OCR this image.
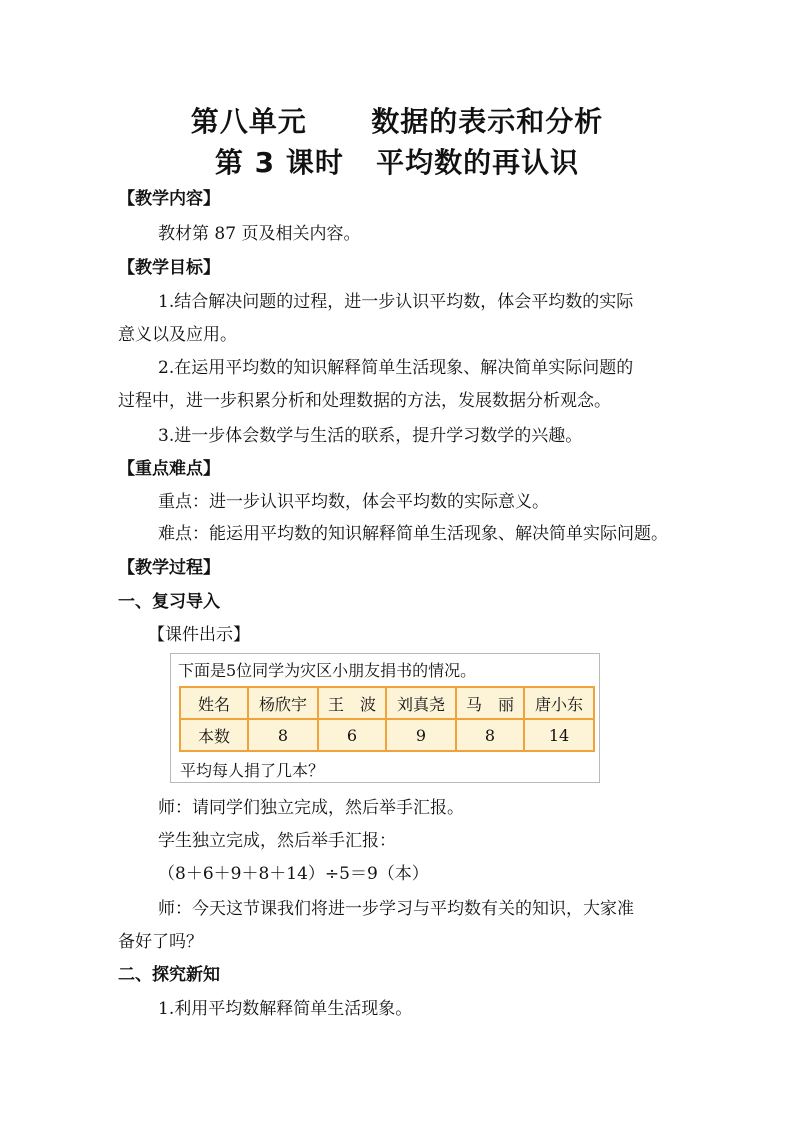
第八单元      数据的表示和分析
第 3 课时   平均数的再认识
【教学内容】
教材第 87 页及相关内容。
【教学目标】
1.结合解决问题的过程，进一步认识平均数，体会平均数的实际
意义以及应用。
2.在运用平均数的知识解释简单生活现象、解决简单实际问题的
过程中，进一步积累分析和处理数据的方法，发展数据分析观念。
3.进一步体会数学与生活的联系，提升学习数学的兴趣。
【重点难点】
重点：进一步认识平均数，体会平均数的实际意义。
难点：能运用平均数的知识解释简单生活现象、解决简单实际问题。
【教学过程】
一、复习导入
【课件出示】
下面是5位同学为灾区小朋友捐书的情况。
姓名	杨欣宇	王　波	刘真尧	马　丽	唐小东
本数	8	6	9	8	14
平均每人捐了几本？
师：请同学们独立完成，然后举手汇报。
学生独立完成，然后举手汇报：
（8＋6＋9＋8＋14）÷5＝9（本）
师：今天这节课我们将进一步学习与平均数有关的知识，大家准
备好了吗？
二、探究新知
1.利用平均数解释简单生活现象。
